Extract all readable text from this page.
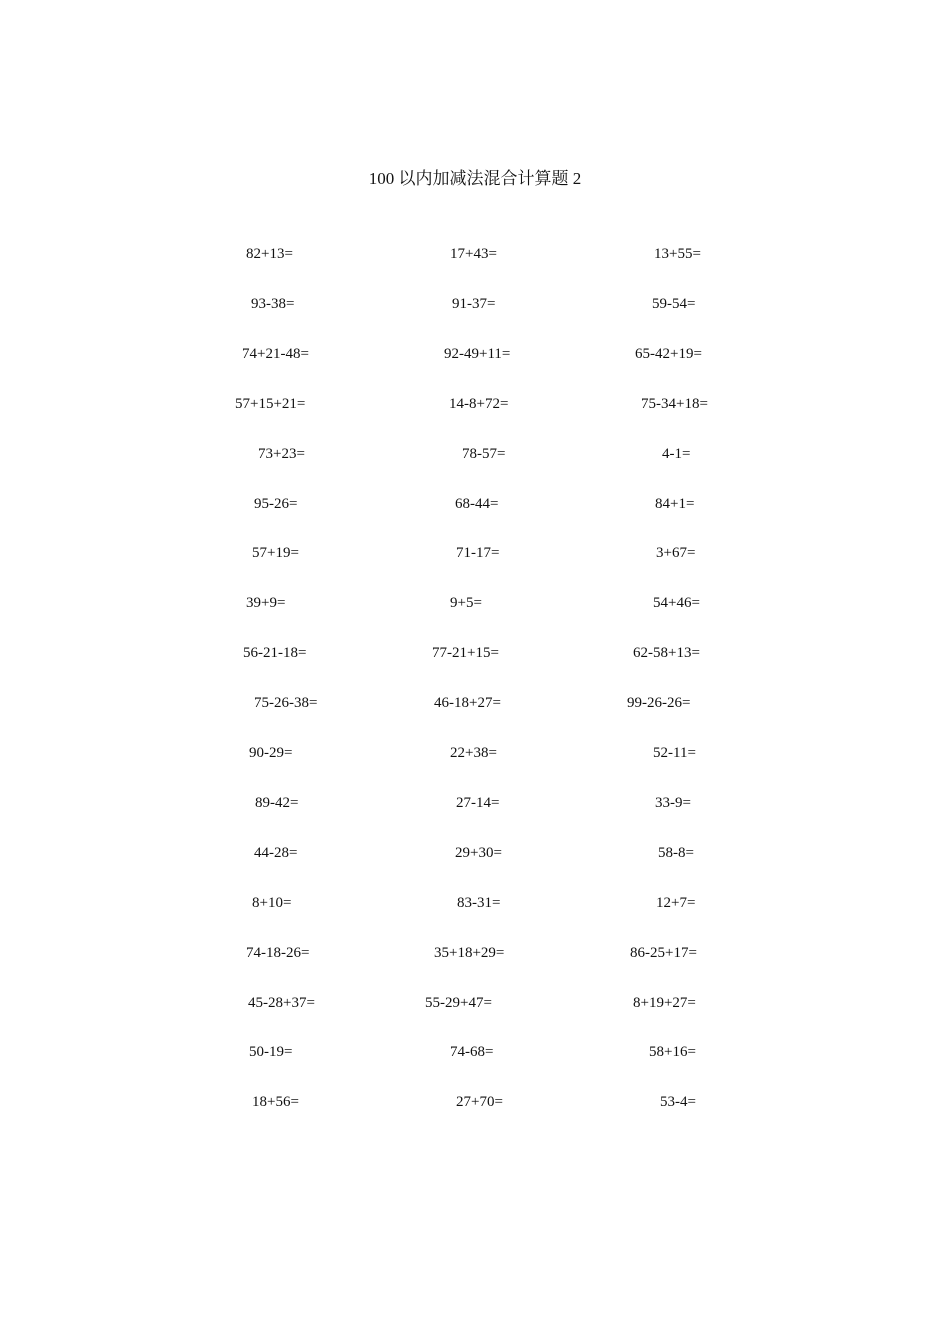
100 以内加减法混合计算题 2
82+13=	17+43=	13+55=
93-38=	91-37=	59-54=
74+21-48=	92-49+11=	65-42+19=
57+15+21=	14-8+72=	75-34+18=
73+23=	78-57=	4-1=
95-26=	68-44=	84+1=
57+19=	71-17=	3+67=
39+9=	9+5=	54+46=
56-21-18=	77-21+15=	62-58+13=
75-26-38=	46-18+27=	99-26-26=
90-29=	22+38=	52-11=
89-42=	27-14=	33-9=
44-28=	29+30=	58-8=
8+10=	83-31=	12+7=
74-18-26=	35+18+29=	86-25+17=
45-28+37=	55-29+47=	8+19+27=
50-19=	74-68=	58+16=
18+56=	27+70=	53-4=
